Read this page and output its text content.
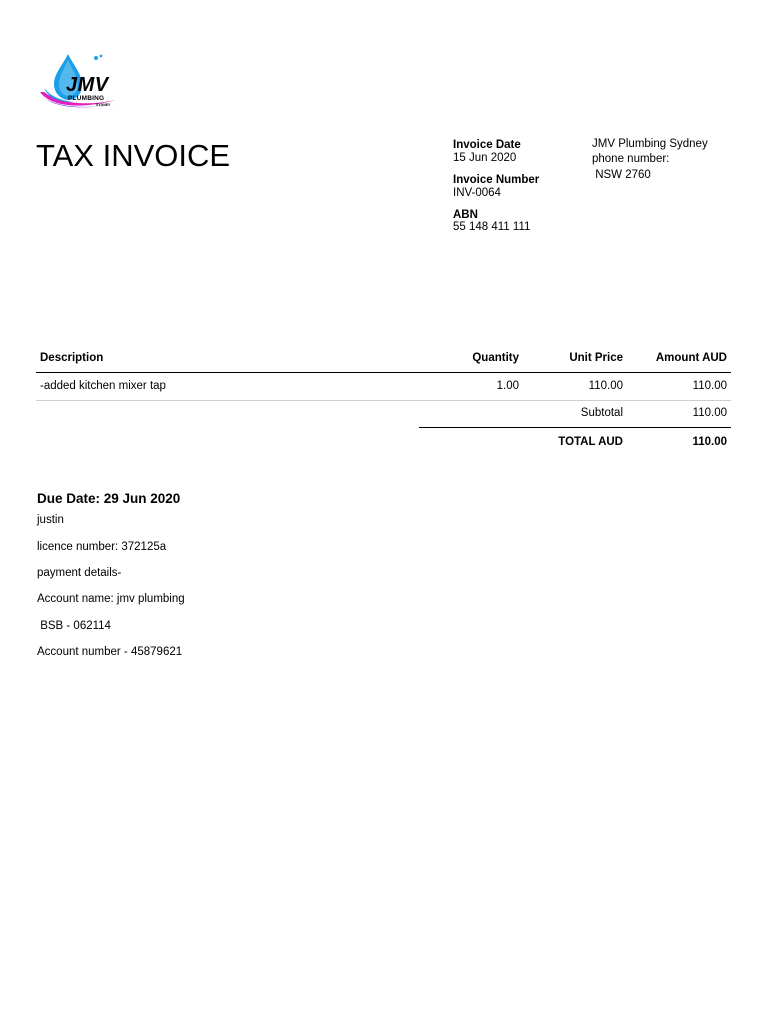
JMV
PLUMBING
SYDNEY
TAX INVOICE	Invoice Date
15 Jun 2020
Invoice Number
INV-0064
ABN
55 148 411 111
JMV Plumbing Sydney
phone number:
NSW 2760
Description	Quantity	Unit Price	Amount AUD
-added kitchen mixer tap	1.00	110.00	110.00
Subtotal	110.00
TOTAL AUD	110.00
Due Date: 29 Jun 2020
justin
licence number: 372125a
payment details-
Account name: jmv plumbing
BSB - 062114
Account number - 45879621
